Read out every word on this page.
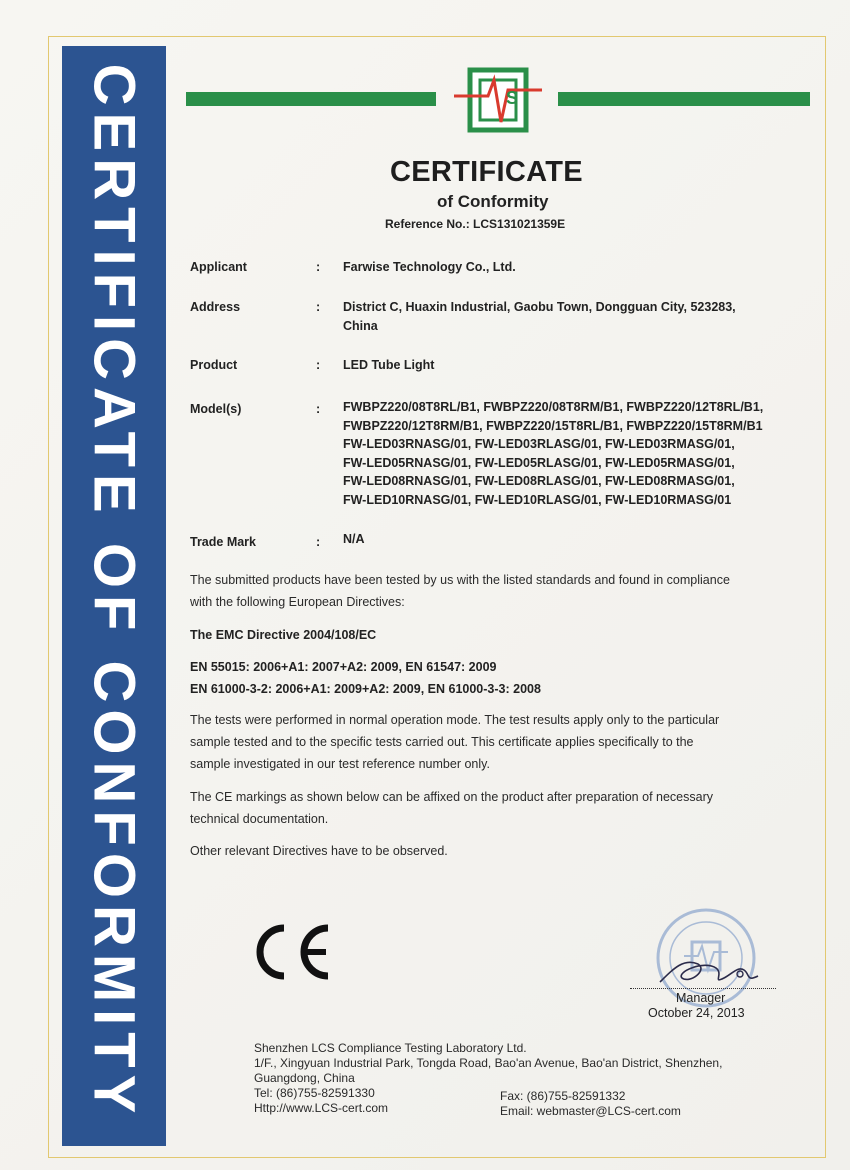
CERTIFICATE OF CONFORMITY	S
CERTIFICATE
of Conformity
Reference No.: LCS131021359E
Applicant	: Farwise Technology Co., Ltd.
Address	: District C, Huaxin Industrial, Gaobu Town, Dongguan City, 523283,
China
Product	: LED Tube Light
Model(s)	: FWBPZ220/08T8RL/B1, FWBPZ220/08T8RM/B1, FWBPZ220/12T8RL/B1,
FWBPZ220/12T8RM/B1, FWBPZ220/15T8RL/B1, FWBPZ220/15T8RM/B1
FW-LED03RNASG/01, FW-LED03RLASG/01, FW-LED03RMASG/01,
FW-LED05RNASG/01, FW-LED05RLASG/01, FW-LED05RMASG/01,
FW-LED08RNASG/01, FW-LED08RLASG/01, FW-LED08RMASG/01,
FW-LED10RNASG/01, FW-LED10RLASG/01, FW-LED10RMASG/01
Trade Mark	: N/A
The submitted products have been tested by us with the listed standards and found in compliance
with the following European Directives:
The EMC Directive 2004/108/EC
EN 55015: 2006+A1: 2007+A2: 2009, EN 61547: 2009
EN 61000-3-2: 2006+A1: 2009+A2: 2009, EN 61000-3-3: 2008
The tests were performed in normal operation mode. The test results apply only to the particular
sample tested and to the specific tests carried out. This certificate applies specifically to the
sample investigated in our test reference number only.
The CE markings as shown below can be affixed on the product after preparation of necessary
technical documentation.
Other relevant Directives have to be observed.
Manager
October 24, 2013
Shenzhen LCS Compliance Testing Laboratory Ltd.
1/F., Xingyuan Industrial Park, Tongda Road, Bao'an Avenue, Bao'an District, Shenzhen,
Guangdong, China
Tel: (86)755-82591330
Http://www.LCS-cert.com
Fax: (86)755-82591332
Email: webmaster@LCS-cert.com
